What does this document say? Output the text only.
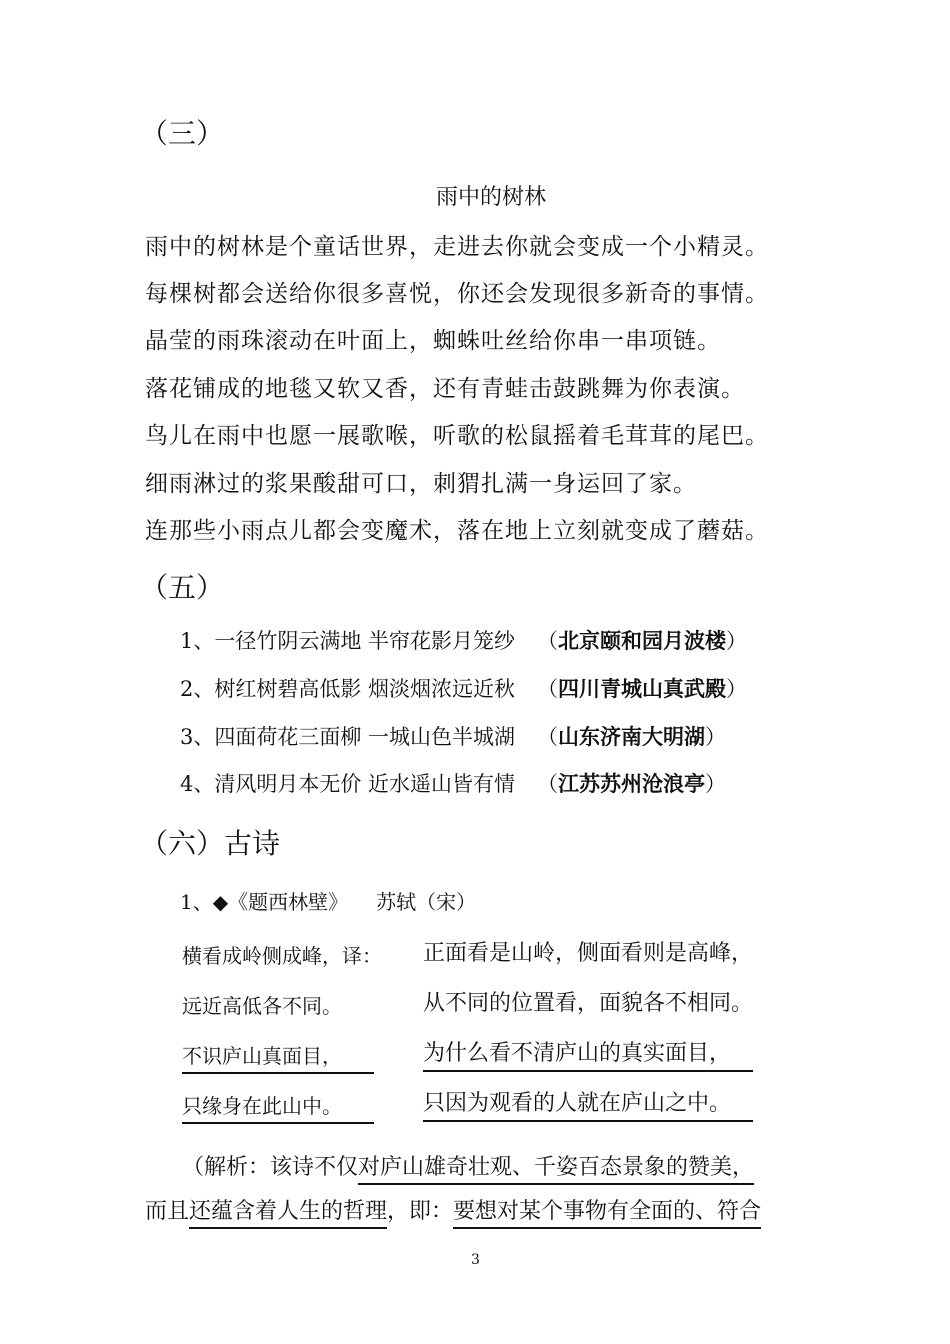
（三）
雨中的树林
雨中的树林是个童话世界，走进去你就会变成一个小精灵。
每棵树都会送给你很多喜悦，你还会发现很多新奇的事情。
晶莹的雨珠滚动在叶面上，蜘蛛吐丝给你串一串项链。
落花铺成的地毯又软又香，还有青蛙击鼓跳舞为你表演。
鸟儿在雨中也愿一展歌喉，听歌的松鼠摇着毛茸茸的尾巴。
细雨淋过的浆果酸甜可口，刺猬扎满一身运回了家。
连那些小雨点儿都会变魔术，落在地上立刻就变成了蘑菇。
（五）
1、一径竹阴云满地 半帘花影月笼纱 （北京颐和园月波楼）
2、树红树碧高低影 烟淡烟浓远近秋 （四川青城山真武殿）
3、四面荷花三面柳 一城山色半城湖 （山东济南大明湖）
4、清风明月本无价 近水遥山皆有情 （江苏苏州沧浪亭）
（六）古诗
1、◆《题西林壁》 苏轼（宋）
横看成岭侧成峰，译： 正面看是山岭，侧面看则是高峰，
远近高低各不同。	从不同的位置看，面貌各不相同。
不识庐山真面目，	为什么看不清庐山的真实面目，
只缘身在此山中。	只因为观看的人就在庐山之中。
（解析：该诗不仅对庐山雄奇壮观、千姿百态景象的赞美，
而且还蕴含着人生的哲理，即：要想对某个事物有全面的、符合
3
